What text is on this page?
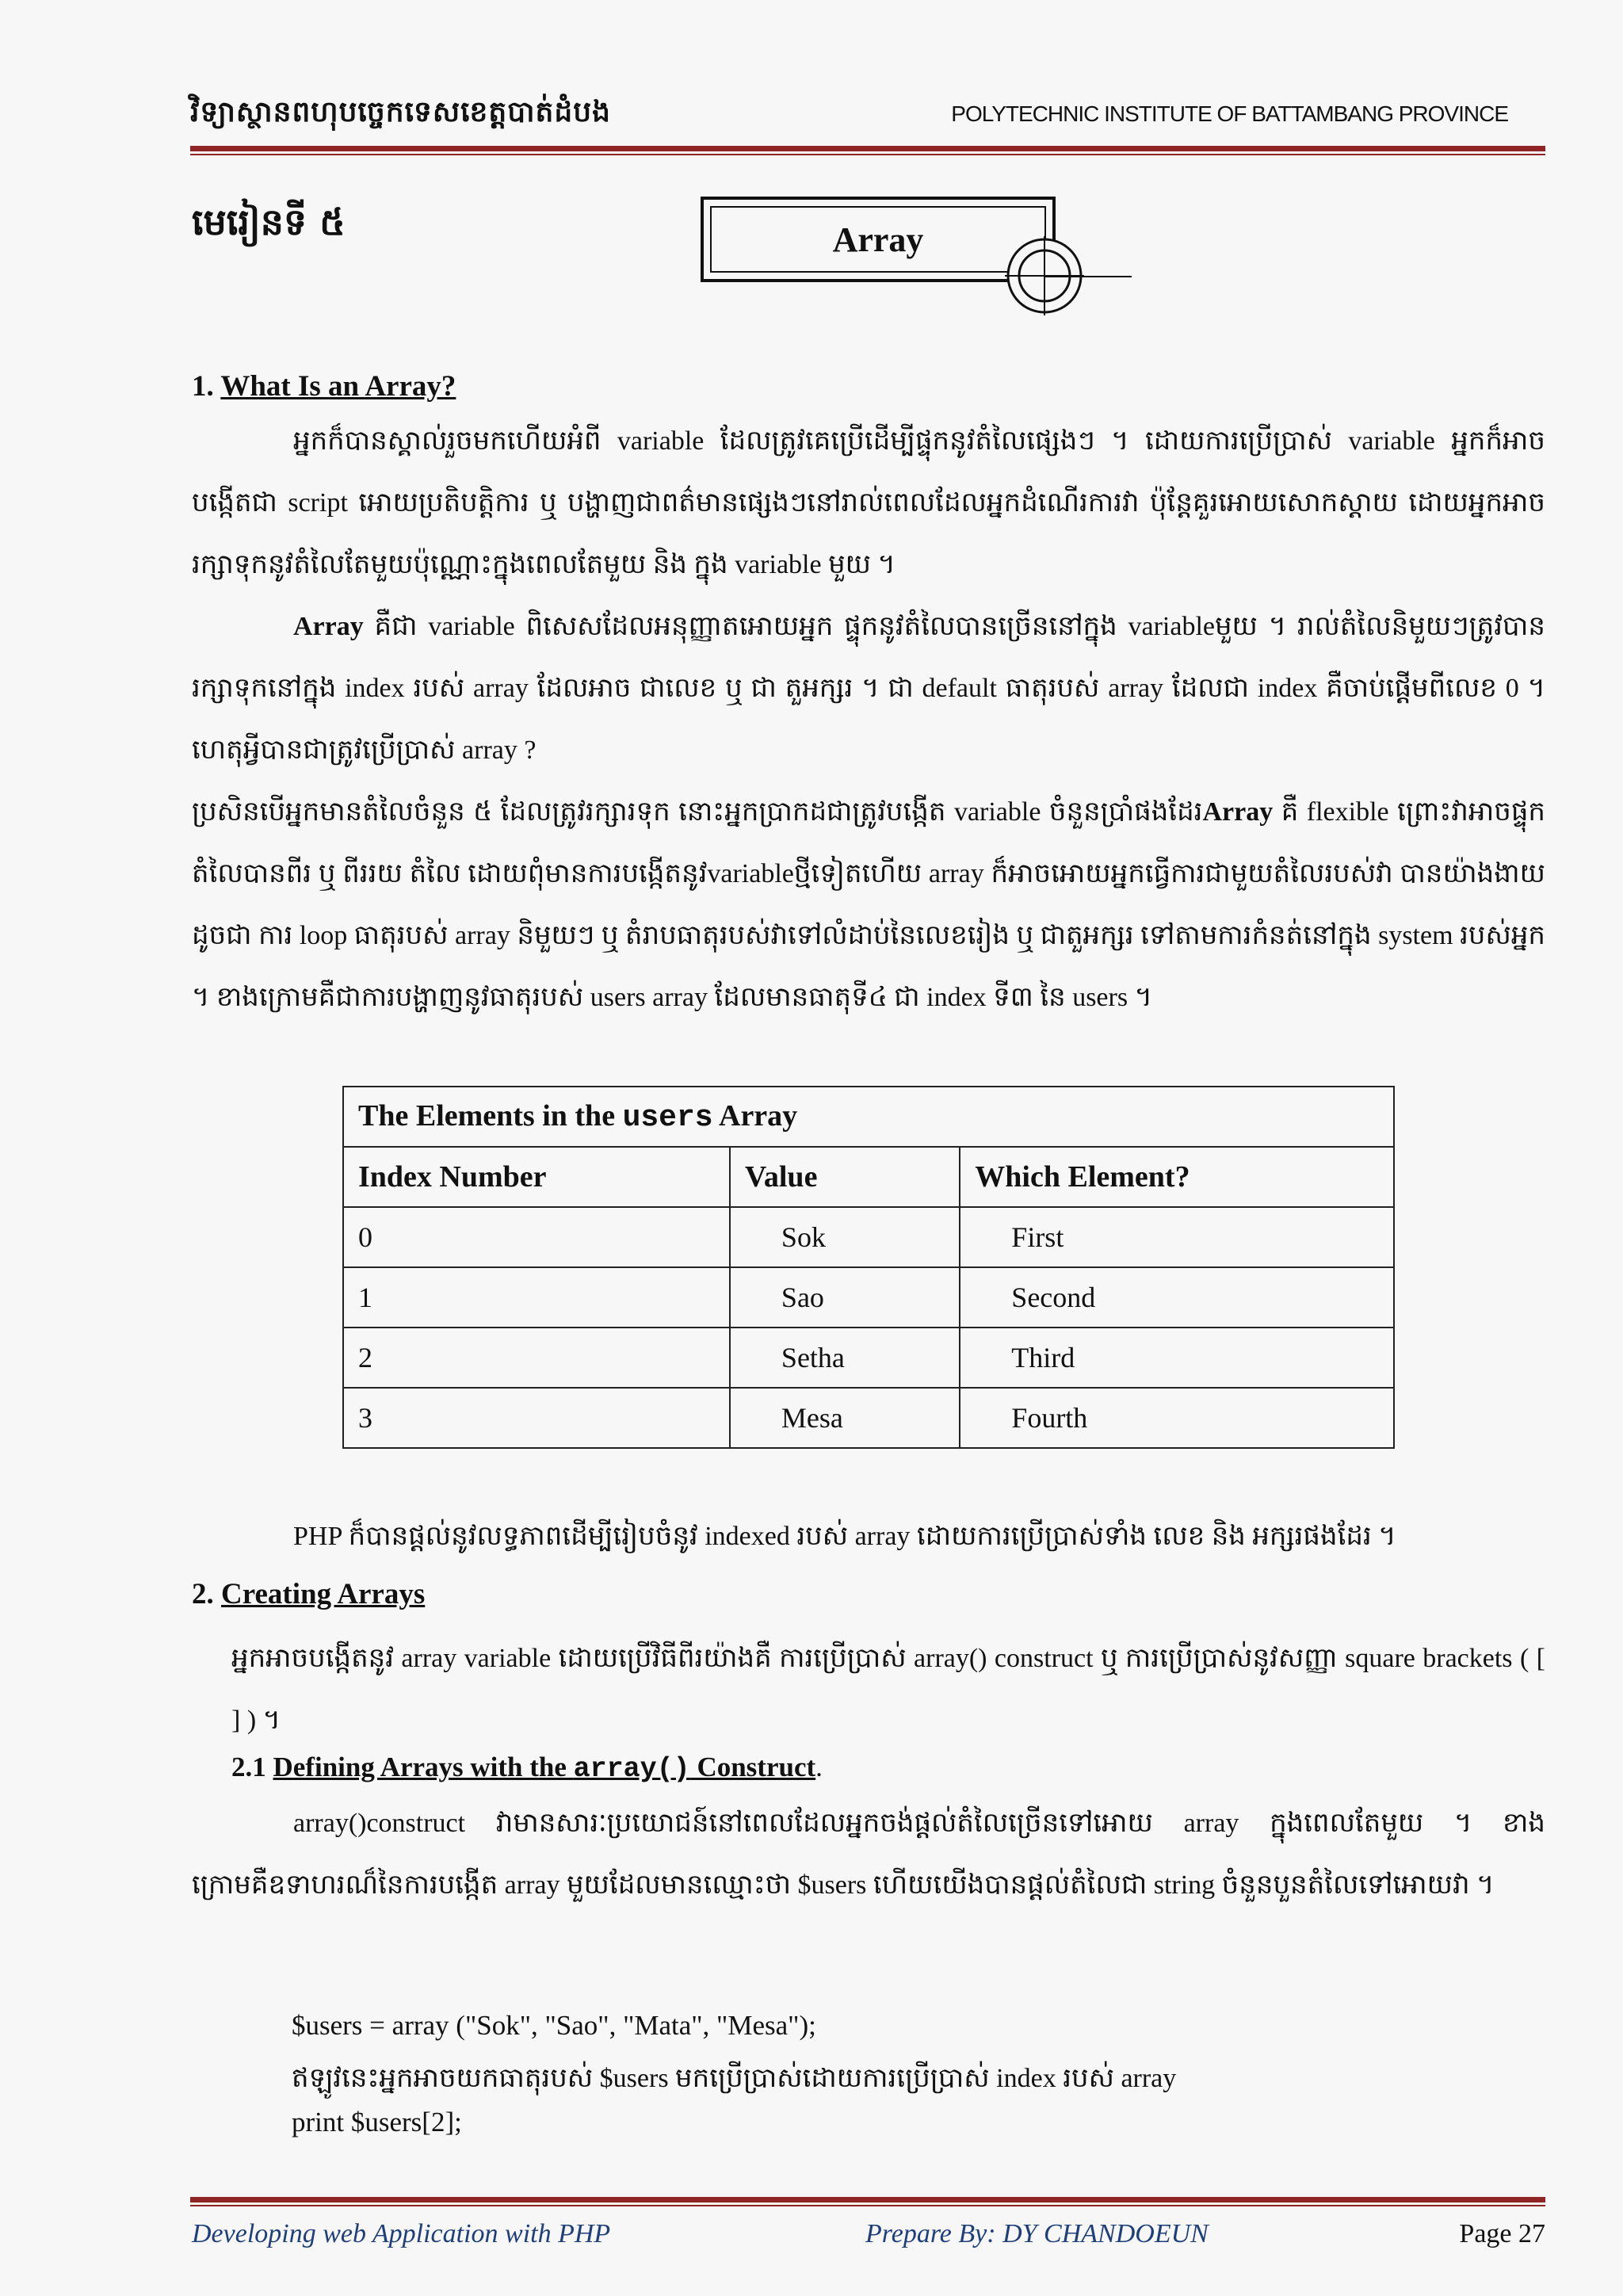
វិទ្យាស្ថានពហុបច្ចេកទេសខេត្តបាត់ដំបង	POLYTECHNIC INSTITUTE OF BATTAMBANG PROVINCE
មេរៀនទី ៥	Array
1. What Is an Array?
អ្នកក៏បានស្គាល់រួចមកហើយអំពី variable ដែលត្រូវគេប្រើដើម្បីផ្ទុកនូវតំលៃផ្សេងៗ ។ ដោយការប្រើប្រាស់ variable អ្នកក៏អាចបង្កើតជា script អោយប្រតិបត្តិការ ឬ បង្ហាញជាពត៌មានផ្សេងៗនៅរាល់ពេលដែលអ្នកដំណើរការវា ប៉ុន្តែគួរអោយសោកស្តាយ ដោយអ្នកអាច រក្សាទុកនូវតំលៃតែមួយប៉ុណ្ណោះក្នុងពេលតែមួយ និង ក្នុង variable មួយ ។
Array គឺជា variable ពិសេសដែលអនុញ្ញាតអោយអ្នក ផ្ទុកនូវតំលៃបានច្រើននៅក្នុង variableមួយ ។ រាល់តំលៃនិមួយៗត្រូវបានរក្សាទុកនៅក្នុង index របស់ array ដែលអាច ជាលេខ ឬ ជា តួអក្សរ ។ ជា default ធាតុរបស់ array ដែលជា index គឺចាប់ផ្តើមពីលេខ 0 ។ ហេតុអ្វីបានជាត្រូវប្រើប្រាស់ array ?
ប្រសិនបើអ្នកមានតំលៃចំនួន ៥ ដែលត្រូវរក្សារទុក នោះអ្នកប្រាកដជាត្រូវបង្កើត variable ចំនួនប្រាំផងដែរArray គឺ flexible ព្រោះវាអាចផ្ទុកតំលៃបានពីរ ឬ ពីររយ តំលៃ ដោយពុំមានការបង្កើតនូវvariableថ្មីទៀតហើយ array ក៏អាចអោយអ្នកធ្វើការជាមួយតំលៃរបស់វា បានយ៉ាងងាយ ដូចជា ការ loop ធាតុរបស់ array និមួយៗ ឬ តំរាបធាតុរបស់វាទៅលំដាប់នៃលេខរៀង ឬ ជាតួអក្សរ ទៅតាមការកំនត់នៅក្នុង system របស់អ្នក ។ ខាងក្រោមគឺជាការបង្ហាញនូវធាតុរបស់ users array ដែលមានធាតុទី៤ ជា index ទី៣ នៃ users ។
The Elements in the users Array		
Index Number	Value	Which Element?
0	Sok	First
1	Sao	Second
2	Setha	Third
3	Mesa	Fourth
PHP ក៏បានផ្តល់នូវលទ្ធភាពដើម្បីរៀបចំនូវ indexed របស់ array ដោយការប្រើប្រាស់ទាំង លេខ និង អក្សរផងដែរ ។
2. Creating Arrays
អ្នកអាចបង្កើតនូវ array variable ដោយប្រើវិធីពីរយ៉ាងគឺ ការប្រើប្រាស់ array() construct ឬ ការប្រើប្រាស់នូវសញ្ញា square brackets ( [ ] ) ។
2.1 Defining Arrays with the array() Construct.
array()construct វាមានសារៈប្រយោជន៍នៅពេលដែលអ្នកចង់ផ្តល់តំលៃច្រើនទៅអោយ array ក្នុងពេលតែមួយ ។ ខាងក្រោមគឺឧទាហរណ៏នៃការបង្កើត array មួយដែលមានឈ្មោះថា $users ហើយយើងបានផ្តល់តំលៃជា string ចំនួនបួនតំលៃទៅអោយវា ។
$users = array ("Sok", "Sao", "Mata", "Mesa");
ឥឡូវនេះអ្នកអាចយកធាតុរបស់ $users មកប្រើប្រាស់ដោយការប្រើប្រាស់ index របស់ array
print $users[2];
Developing web Application with PHP	Prepare By: DY CHANDOEUN	Page 27
